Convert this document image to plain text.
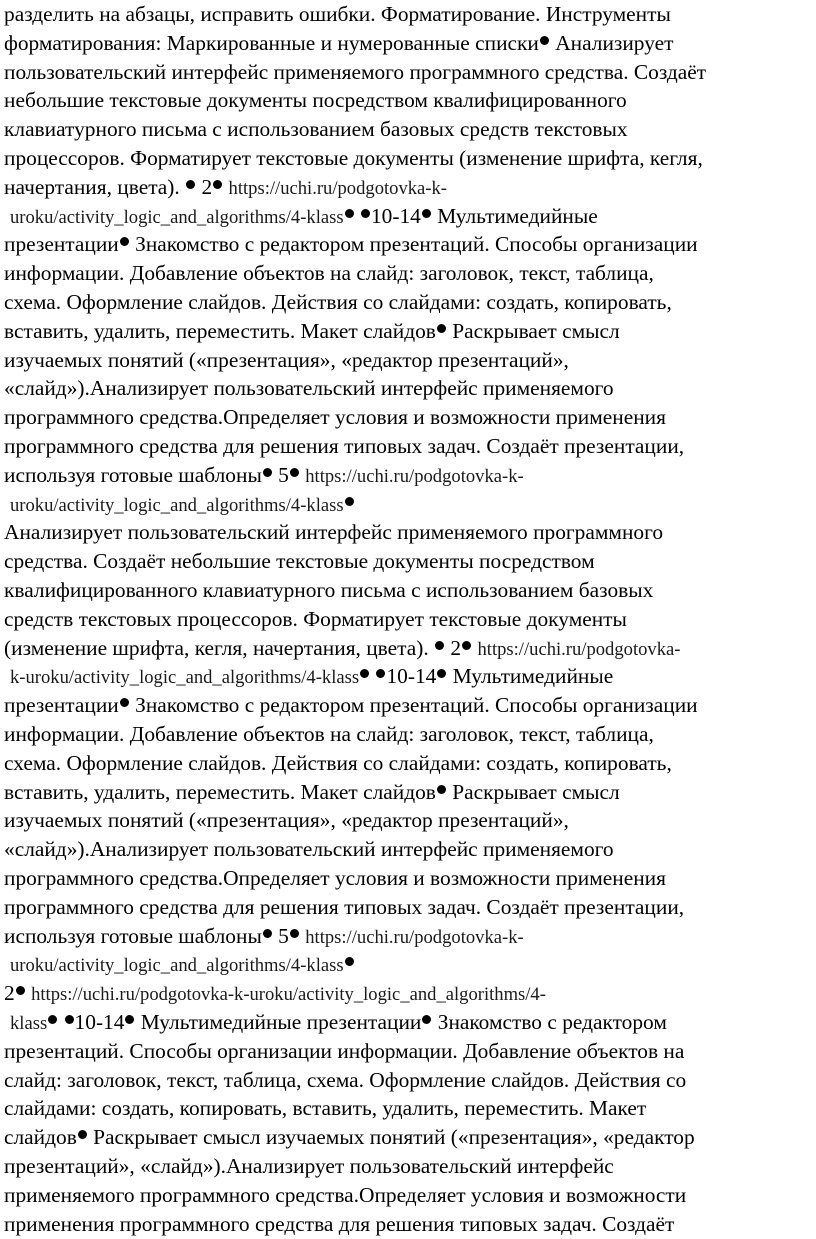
разделить на абзацы, исправить ошибки. Форматирование. Инструменты
форматирования: Маркированные и нумерованные списки Анализирует
пользовательский интерфейс применяемого программного средства. Создаёт
небольшие текстовые документы посредством квалифицированного
клавиатурного письма с использованием базовых средств текстовых
процессоров. Форматирует текстовые документы (изменение шрифта, кегля,
начертания, цвета).  2 https://uchi.ru/podgotovka-k-
uroku/activity_logic_and_algorithms/4-klass 10-14 Мультимедийные
презентации Знакомство с редактором презентаций. Способы организации
информации. Добавление объектов на слайд: заголовок, текст, таблица,
схема. Оформление слайдов. Действия со слайдами: создать, копировать,
вставить, удалить, переместить. Макет слайдов Раскрывает смысл
изучаемых понятий («презентация», «редактор презентаций»,
«слайд»).Анализирует пользовательский интерфейс применяемого
программного средства.Определяет условия и возможности применения
программного средства для решения типовых задач. Создаёт презентации,
используя готовые шаблоны 5 https://uchi.ru/podgotovka-k-
uroku/activity_logic_and_algorithms/4-klass
Анализирует пользовательский интерфейс применяемого программного
средства. Создаёт небольшие текстовые документы посредством
квалифицированного клавиатурного письма с использованием базовых
средств текстовых процессоров. Форматирует текстовые документы
(изменение шрифта, кегля, начертания, цвета).  2 https://uchi.ru/podgotovka-
k-uroku/activity_logic_and_algorithms/4-klass 10-14 Мультимедийные
презентации Знакомство с редактором презентаций. Способы организации
информации. Добавление объектов на слайд: заголовок, текст, таблица,
схема. Оформление слайдов. Действия со слайдами: создать, копировать,
вставить, удалить, переместить. Макет слайдов Раскрывает смысл
изучаемых понятий («презентация», «редактор презентаций»,
«слайд»).Анализирует пользовательский интерфейс применяемого
программного средства.Определяет условия и возможности применения
программного средства для решения типовых задач. Создаёт презентации,
используя готовые шаблоны 5 https://uchi.ru/podgotovka-k-
uroku/activity_logic_and_algorithms/4-klass
2 https://uchi.ru/podgotovka-k-uroku/activity_logic_and_algorithms/4-
klass 10-14 Мультимедийные презентации Знакомство с редактором
презентаций. Способы организации информации. Добавление объектов на
слайд: заголовок, текст, таблица, схема. Оформление слайдов. Действия со
слайдами: создать, копировать, вставить, удалить, переместить. Макет
слайдов Раскрывает смысл изучаемых понятий («презентация», «редактор
презентаций», «слайд»).Анализирует пользовательский интерфейс
применяемого программного средства.Определяет условия и возможности
применения программного средства для решения типовых задач. Создаёт
